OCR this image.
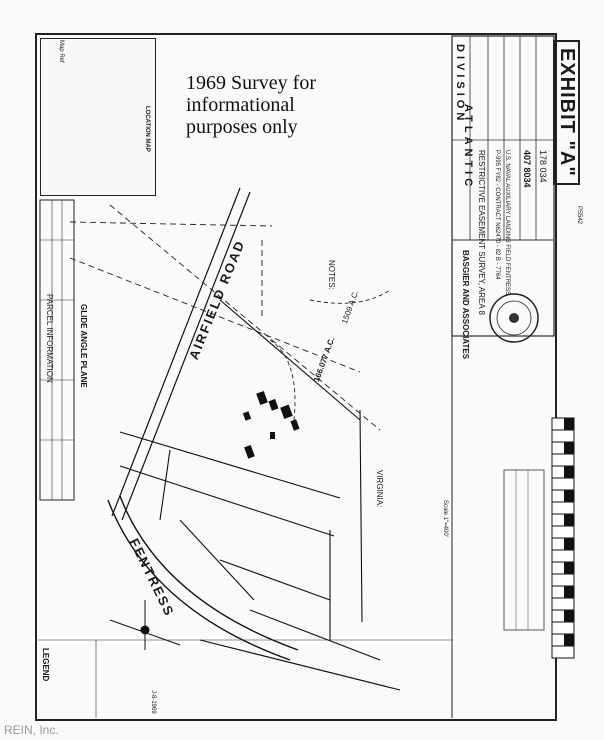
1969 Survey for
informational
purposes only	ATLANTIC
DIVISION
RESTRICTIVE EASEMENT SURVEY, AREA 8 P-995 FY82 - CONTRACT N62470 - 82 B - 7764 U.S. NAVAL AUXILIARY LANDING FIELD FENTRESS 407 8034 178 034
PS542
EXHIBIT "A"
BASGIER AND ASSOCIATES
AIRFIELD ROAD
FENTRESS
PARCEL INFORMATION	GLIDE ANGLE PLANE
NOTES:
LEGEND
VIRGINIA:
166.077 A.C.
1509 A.C.
Scale 1"=400'
Map Ref
LOCATION MAP
J-8-1969
REIN, Inc.
